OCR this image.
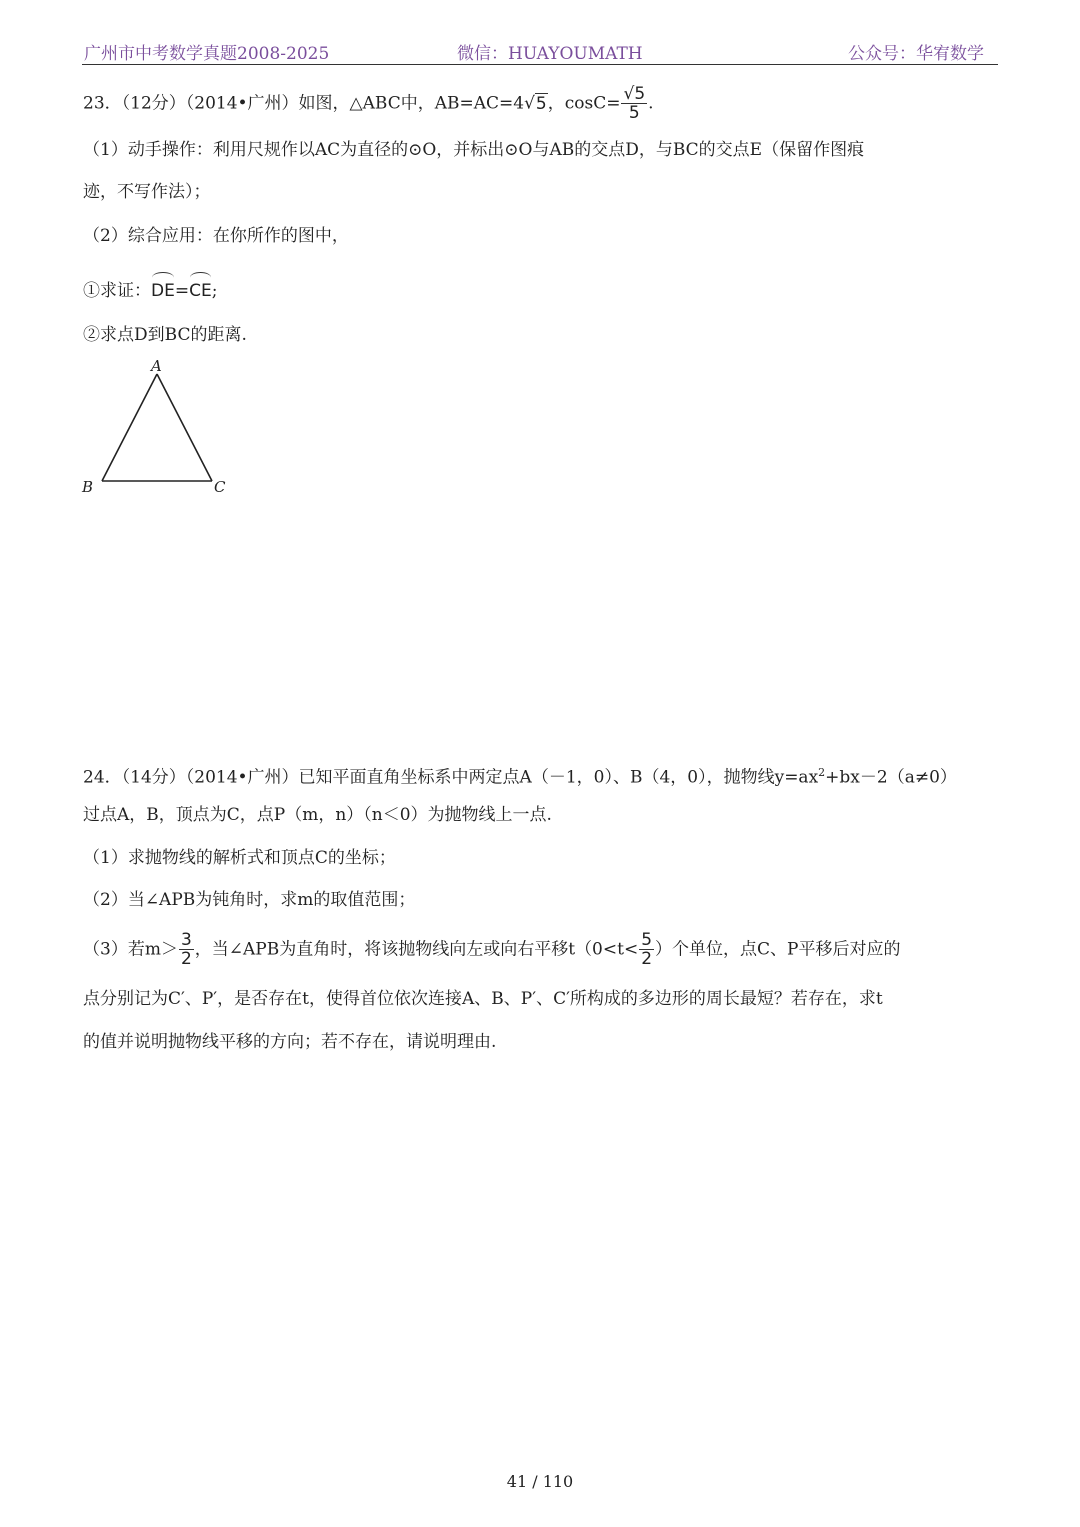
广州市中考数学真题2008-2025	微信：HUAYOUMATH	公众号：华宥数学
23．（12分）（2014•广州）如图，△ABC中，AB=AC=4√5，$\cos C= \frac{√5}{5}$ .
（1）动手操作：利用尺规作以AC为直径的⊙O，并标出⊙O与AB的交点D，与BC的交点E（保留作图痕
迹，不写作法）；
（2）综合应用：在你所作的图中，
①求证：DE=CE;
②求点D到BC的距离.
A
B	C
24．（14分）（2014•广州）已知平面直角坐标系中两定点A（－1，0）、B（4，0），抛物线$y=ax^2+bx-2(a\ne 0)$
过点A，B，顶点为C，点P（m，n）（n＜0）为抛物线上一点.
（1）求抛物线的解析式和顶点C的坐标；
（2）当∠APB为钝角时，求m的取值范围；
（3）若$m> \frac{3}{2}$ ，当∠APB为直角时，将该抛物线向左或向右平移$t(0<t< \frac{5}{2}$ ）个单位，点C、P平移后对应的
点分别记为C′、P′，是否存在t，使得首位依次连接A、B、P′、C′所构成的多边形的周长最短？若存在，求t
的值并说明抛物线平移的方向；若不存在，请说明理由.
41 / 110
